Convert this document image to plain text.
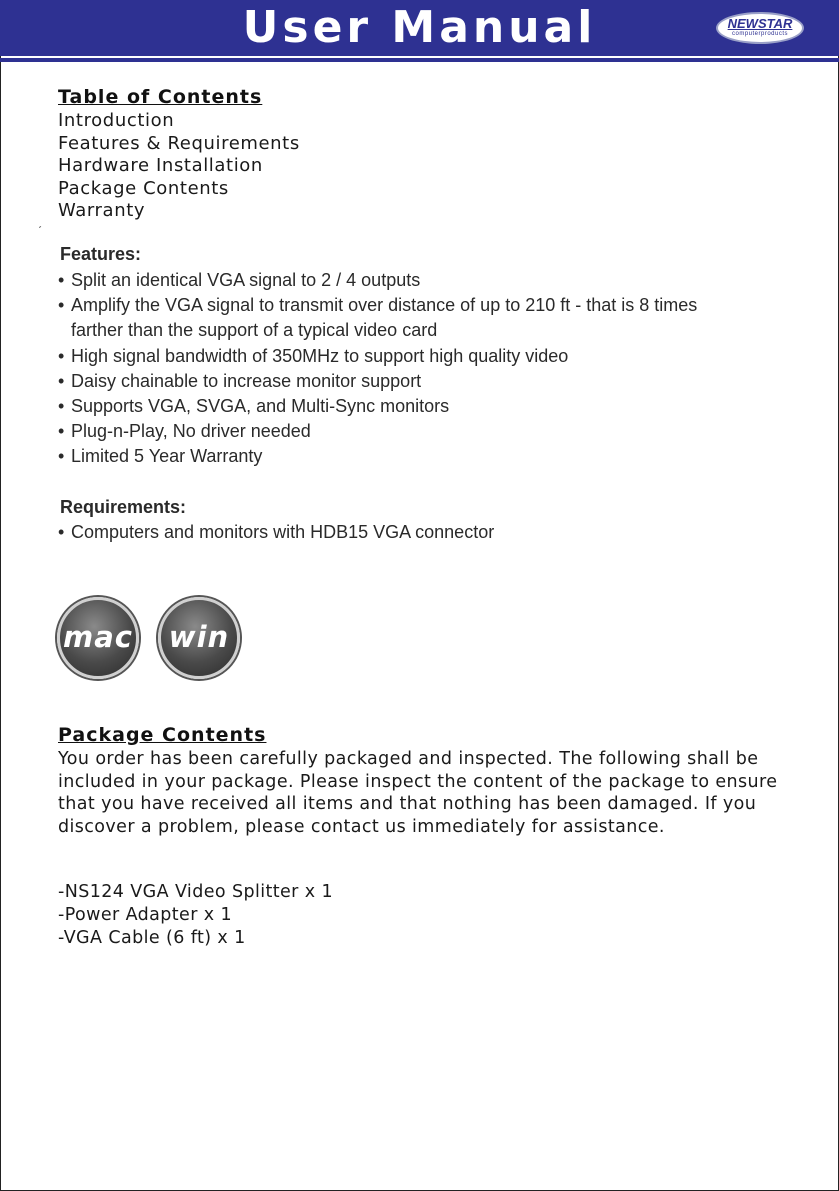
User Manual	NEWSTAR
computerproducts
Table of Contents
Introduction
Features & Requirements
Hardware Installation
Package Contents
Warranty
ˊ
Features:
• Split an identical VGA signal to 2 / 4 outputs
• Amplify the VGA signal to transmit over distance of up to 210 ft - that is 8 times
farther than the support of a typical video card
• High signal bandwidth of 350MHz to support high quality video
• Daisy chainable to increase monitor support
• Supports VGA, SVGA, and Multi-Sync monitors
• Plug-n-Play, No driver needed
• Limited 5 Year Warranty
Requirements:
• Computers and monitors with HDB15 VGA connector
mac win
Package Contents

You order has been carefully packaged and inspected. The following shall be included in your package. Please inspect the content of the package to ensure that you have received all items and that nothing has been damaged. If you discover a problem, please contact us immediately for assistance.

-NS124 VGA Video Splitter x 1
-Power Adapter x 1
-VGA Cable (6 ft) x 1
